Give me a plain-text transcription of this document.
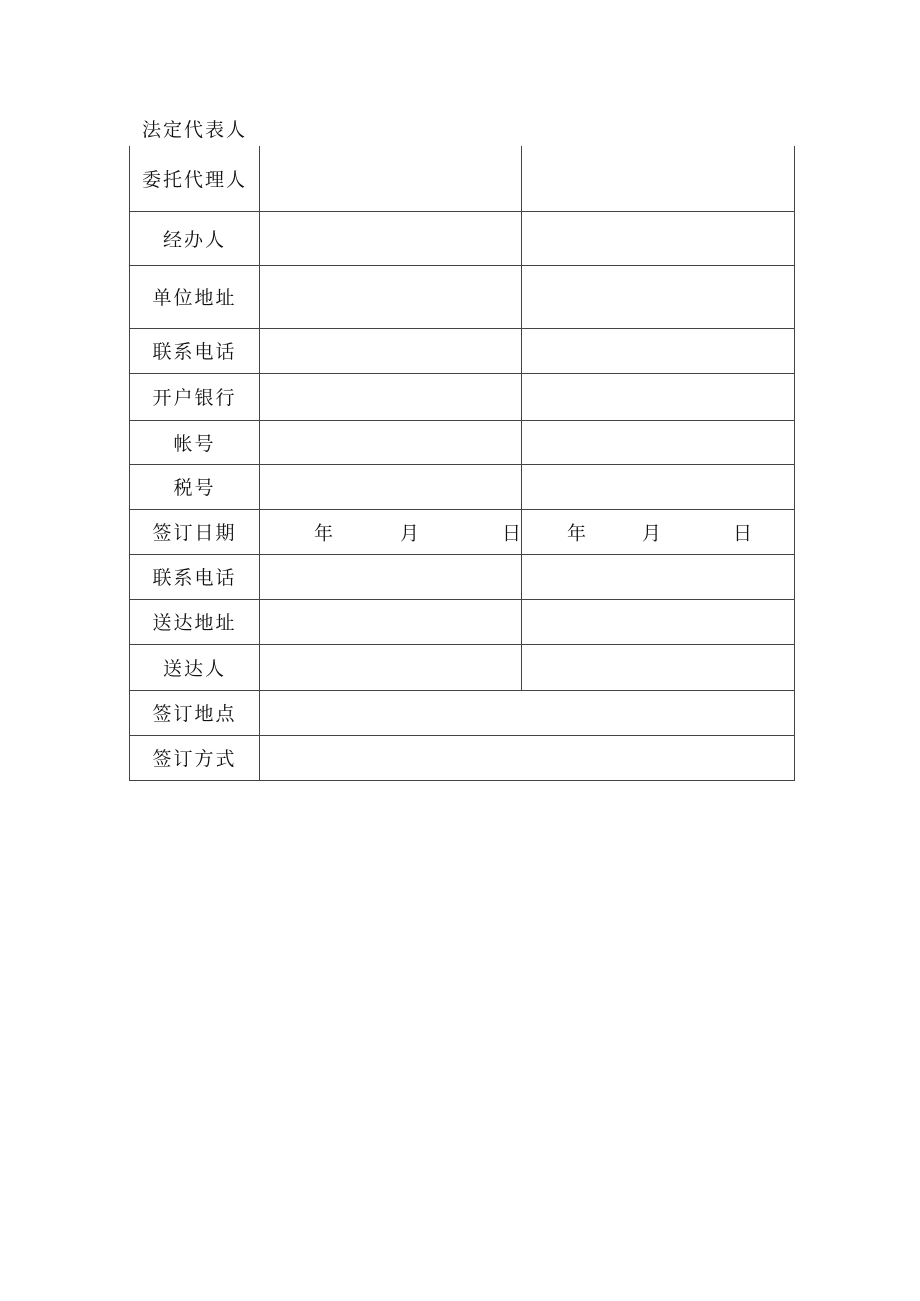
法定代表人
委托代理人		
经办人		
单位地址		
联系电话		
开户银行		
帐号		
税号		
签订日期	年 月 日	年 月 日

联系电话		
送达地址		
送达人		
签订地点		
签订方式		
